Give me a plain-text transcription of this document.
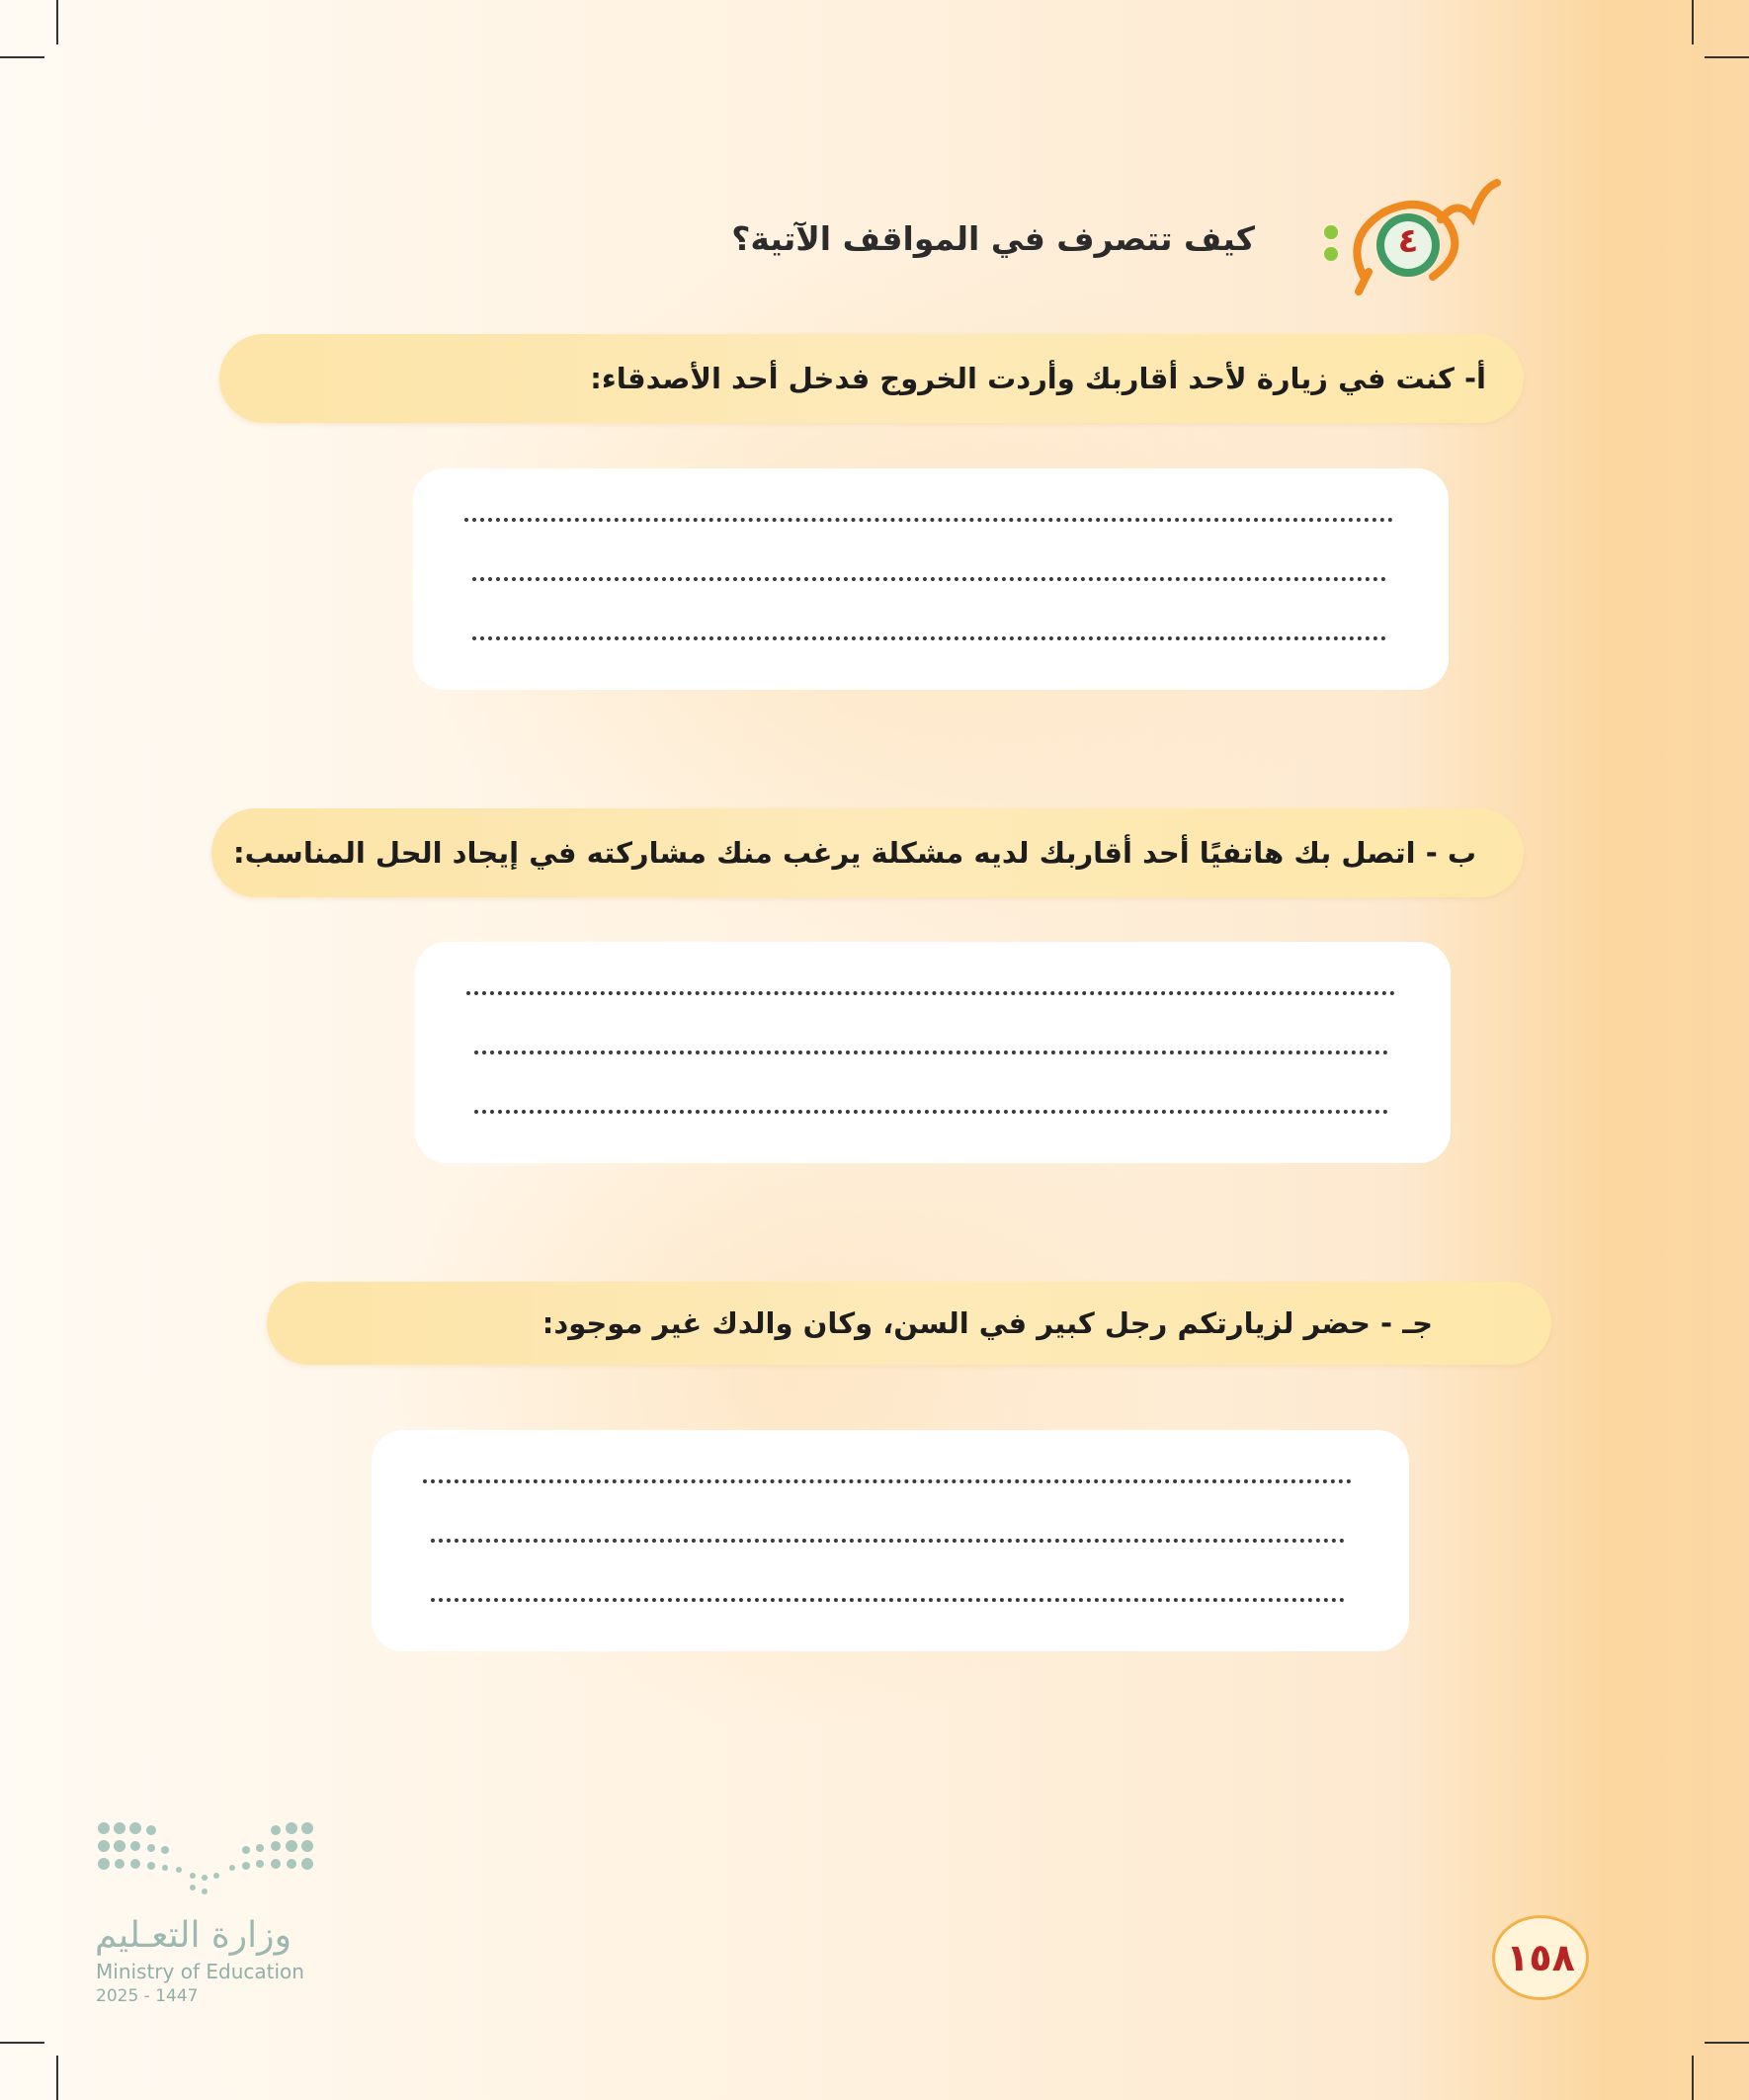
٤
كيف تتصرف في المواقف الآتية؟
أ- كنت في زيارة لأحد أقاربك وأردت الخروج فدخل أحد الأصدقاء:
ب - اتصل بك هاتفيًا أحد أقاربك لديه مشكلة يرغب منك مشاركته في إيجاد الحل المناسب:
جـ - حضر لزيارتكم رجل كبير في السن، وكان والدك غير موجود:
وزارة التعـليم
Ministry of Education
2025 - 1447
١٥٨
